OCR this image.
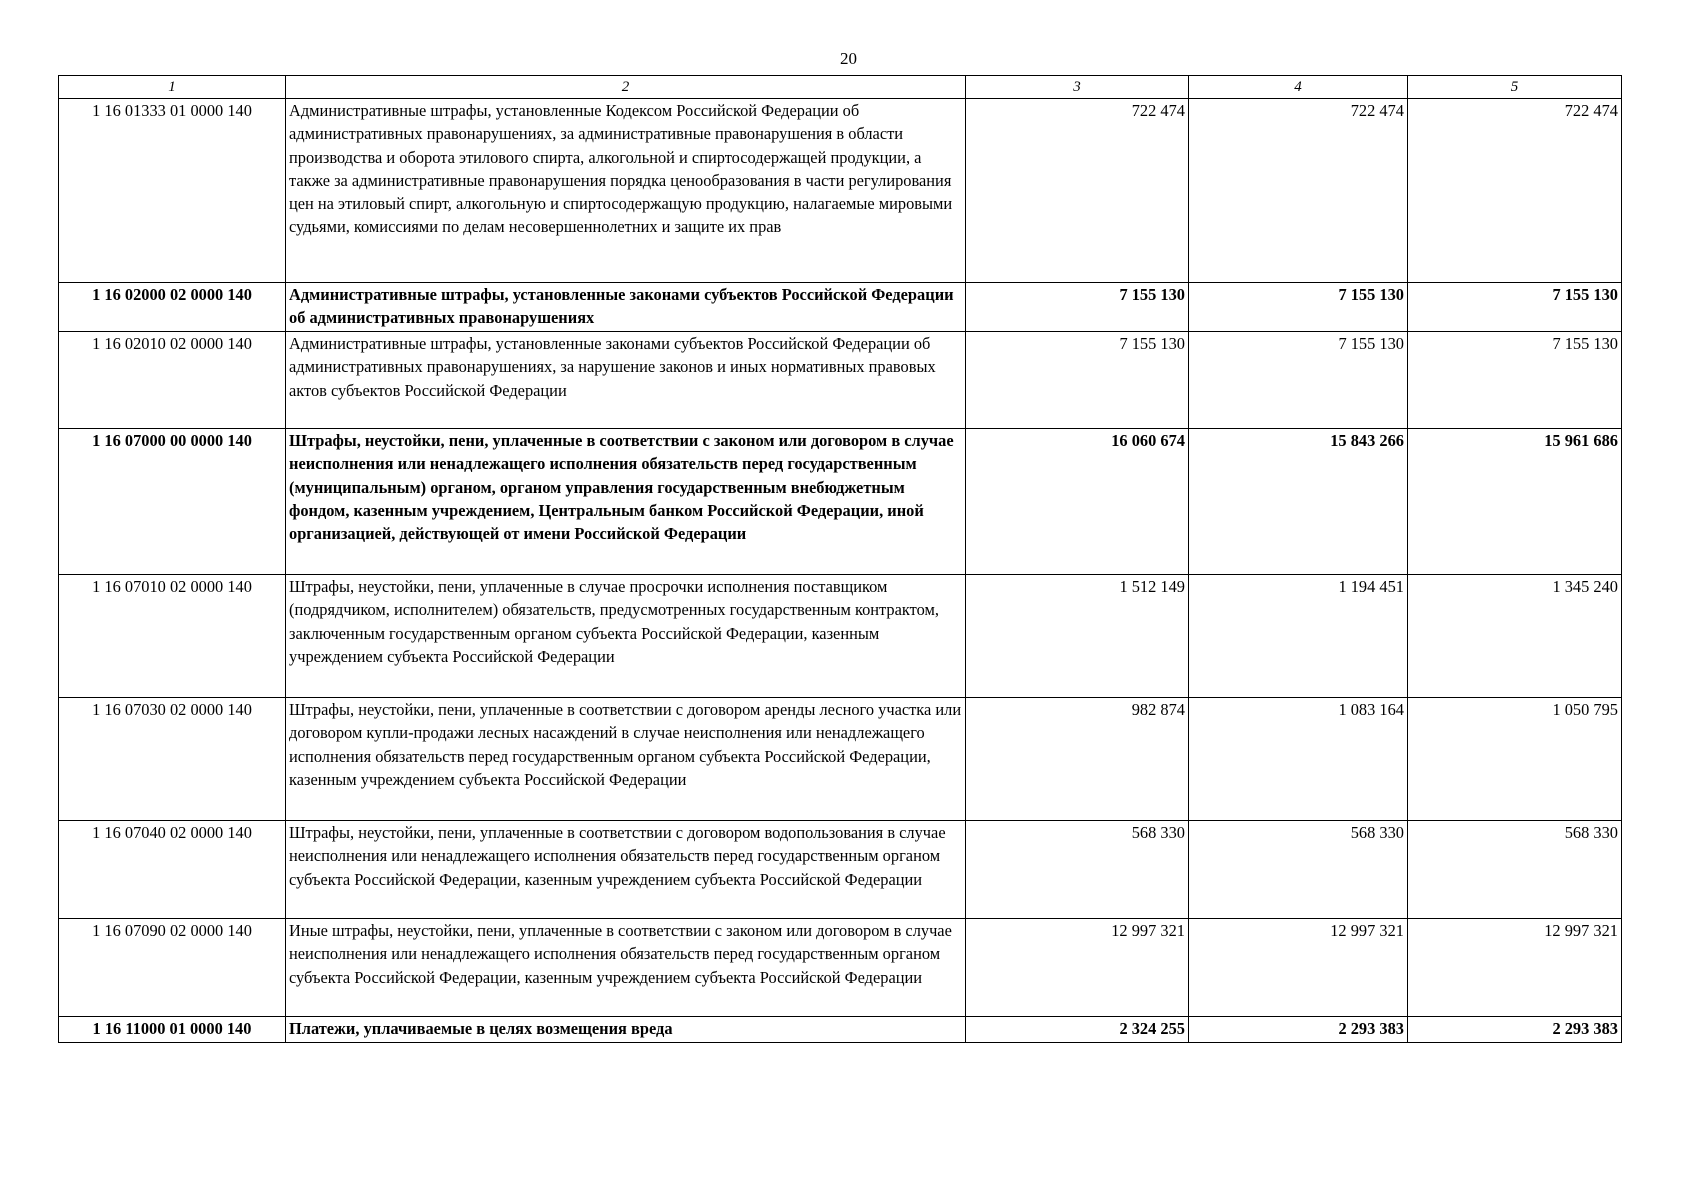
20
1	2	3	4	5
1 16 01333 01 0000 140	Административные штрафы, установленные Кодексом Российской Федерации об административных правонарушениях, за административные правонарушения в области производства и оборота этилового спирта, алкогольной и спиртосодержащей продукции, а также за административные правонарушения порядка ценообразования в части регулирования цен на этиловый спирт, алкогольную и спиртосодержащую продукцию, налагаемые мировыми судьями, комиссиями по делам несовершеннолетних и защите их прав	722 474	722 474	722 474
1 16 02000 02 0000 140	Административные штрафы, установленные законами субъектов Российской Федерации об административных правонарушениях	7 155 130	7 155 130	7 155 130
1 16 02010 02 0000 140	Административные штрафы, установленные законами субъектов Российской Федерации об административных правонарушениях, за нарушение законов и иных нормативных правовых актов субъектов Российской Федерации	7 155 130	7 155 130	7 155 130
1 16 07000 00 0000 140	Штрафы, неустойки, пени, уплаченные в соответствии с законом или договором в случае неисполнения или ненадлежащего исполнения обязательств перед государственным (муниципальным) органом, органом управления государственным внебюджетным фондом, казенным учреждением, Центральным банком Российской Федерации, иной организацией, действующей от имени Российской Федерации	16 060 674	15 843 266	15 961 686
1 16 07010 02 0000 140	Штрафы, неустойки, пени, уплаченные в случае просрочки исполнения поставщиком (подрядчиком, исполнителем) обязательств, предусмотренных государственным контрактом, заключенным государственным органом субъекта Российской Федерации, казенным учреждением субъекта Российской Федерации	1 512 149	1 194 451	1 345 240
1 16 07030 02 0000 140	Штрафы, неустойки, пени, уплаченные в соответствии с договором аренды лесного участка или договором купли-продажи лесных насаждений в случае неисполнения или ненадлежащего исполнения обязательств перед государственным органом субъекта Российской Федерации, казенным учреждением субъекта Российской Федерации	982 874	1 083 164	1 050 795
1 16 07040 02 0000 140	Штрафы, неустойки, пени, уплаченные в соответствии с договором водопользования в случае неисполнения или ненадлежащего исполнения обязательств перед государственным органом субъекта Российской Федерации, казенным учреждением субъекта Российской Федерации	568 330	568 330	568 330
1 16 07090 02 0000 140	Иные штрафы, неустойки, пени, уплаченные в соответствии с законом или договором в случае неисполнения или ненадлежащего исполнения обязательств перед государственным органом субъекта Российской Федерации, казенным учреждением субъекта Российской Федерации	12 997 321	12 997 321	12 997 321
1 16 11000 01 0000 140	Платежи, уплачиваемые в целях возмещения вреда	2 324 255	2 293 383	2 293 383
